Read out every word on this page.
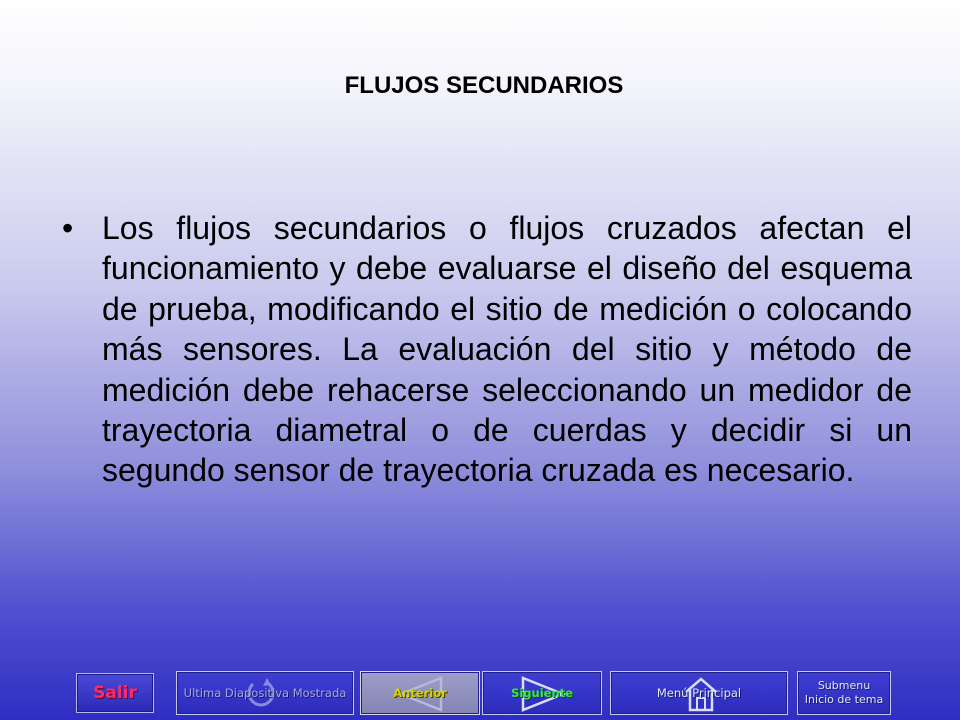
FLUJOS SECUNDARIOS
• Los flujos secundarios o flujos cruzados afectan el funcionamiento y debe evaluarse el diseño del esquema de prueba, modificando el sitio de medición o colocando más sensores. La evaluación del sitio y método de medición debe rehacerse seleccionando un medidor de trayectoria diametral o de cuerdas y decidir si un segundo sensor de trayectoria cruzada es necesario.
Salir	Ultima Diapositiva Mostrada	Anterior	Siguiente	Menú Principal
Submenu
Inicio de tema
